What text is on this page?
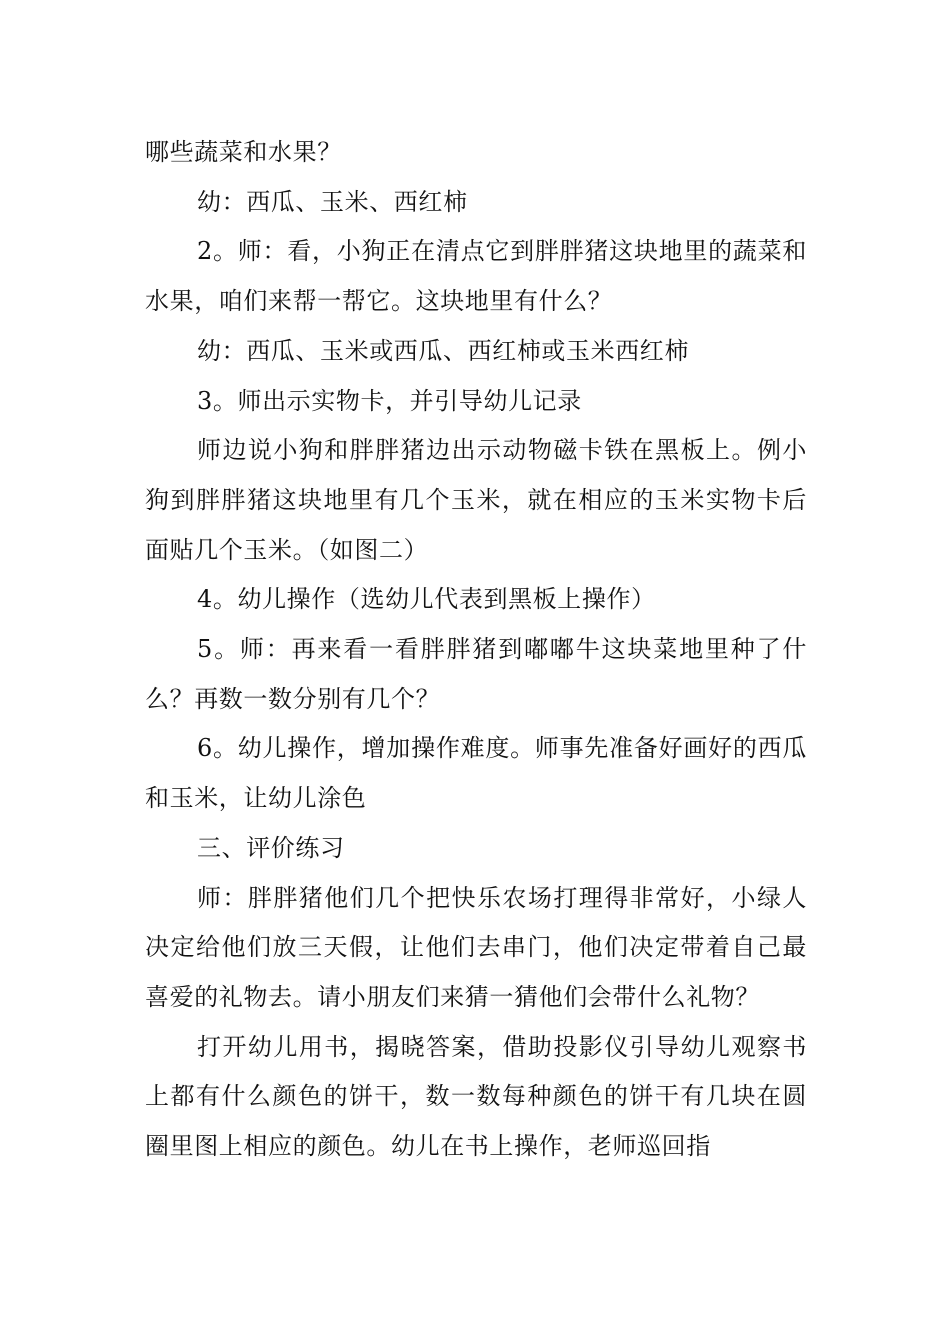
哪些蔬菜和水果？

幼：西瓜、玉米、西红柿

2。师：看，小狗正在清点它到胖胖猪这块地里的蔬菜和水果，咱们来帮一帮它。这块地里有什么？

幼：西瓜、玉米或西瓜、西红柿或玉米西红柿

3。师出示实物卡，并引导幼儿记录

师边说小狗和胖胖猪边出示动物磁卡铁在黑板上。例小狗到胖胖猪这块地里有几个玉米，就在相应的玉米实物卡后面贴几个玉米。（如图二）

4。幼儿操作（选幼儿代表到黑板上操作）

5。师：再来看一看胖胖猪到嘟嘟牛这块菜地里种了什么？再数一数分别有几个？

6。幼儿操作，增加操作难度。师事先准备好画好的西瓜和玉米，让幼儿涂色

三、评价练习

师：胖胖猪他们几个把快乐农场打理得非常好，小绿人决定给他们放三天假，让他们去串门，他们决定带着自己最喜爱的礼物去。请小朋友们来猜一猜他们会带什么礼物？

打开幼儿用书，揭晓答案，借助投影仪引导幼儿观察书上都有什么颜色的饼干，数一数每种颜色的饼干有几块在圆圈里图上相应的颜色。幼儿在书上操作，老师巡回指
